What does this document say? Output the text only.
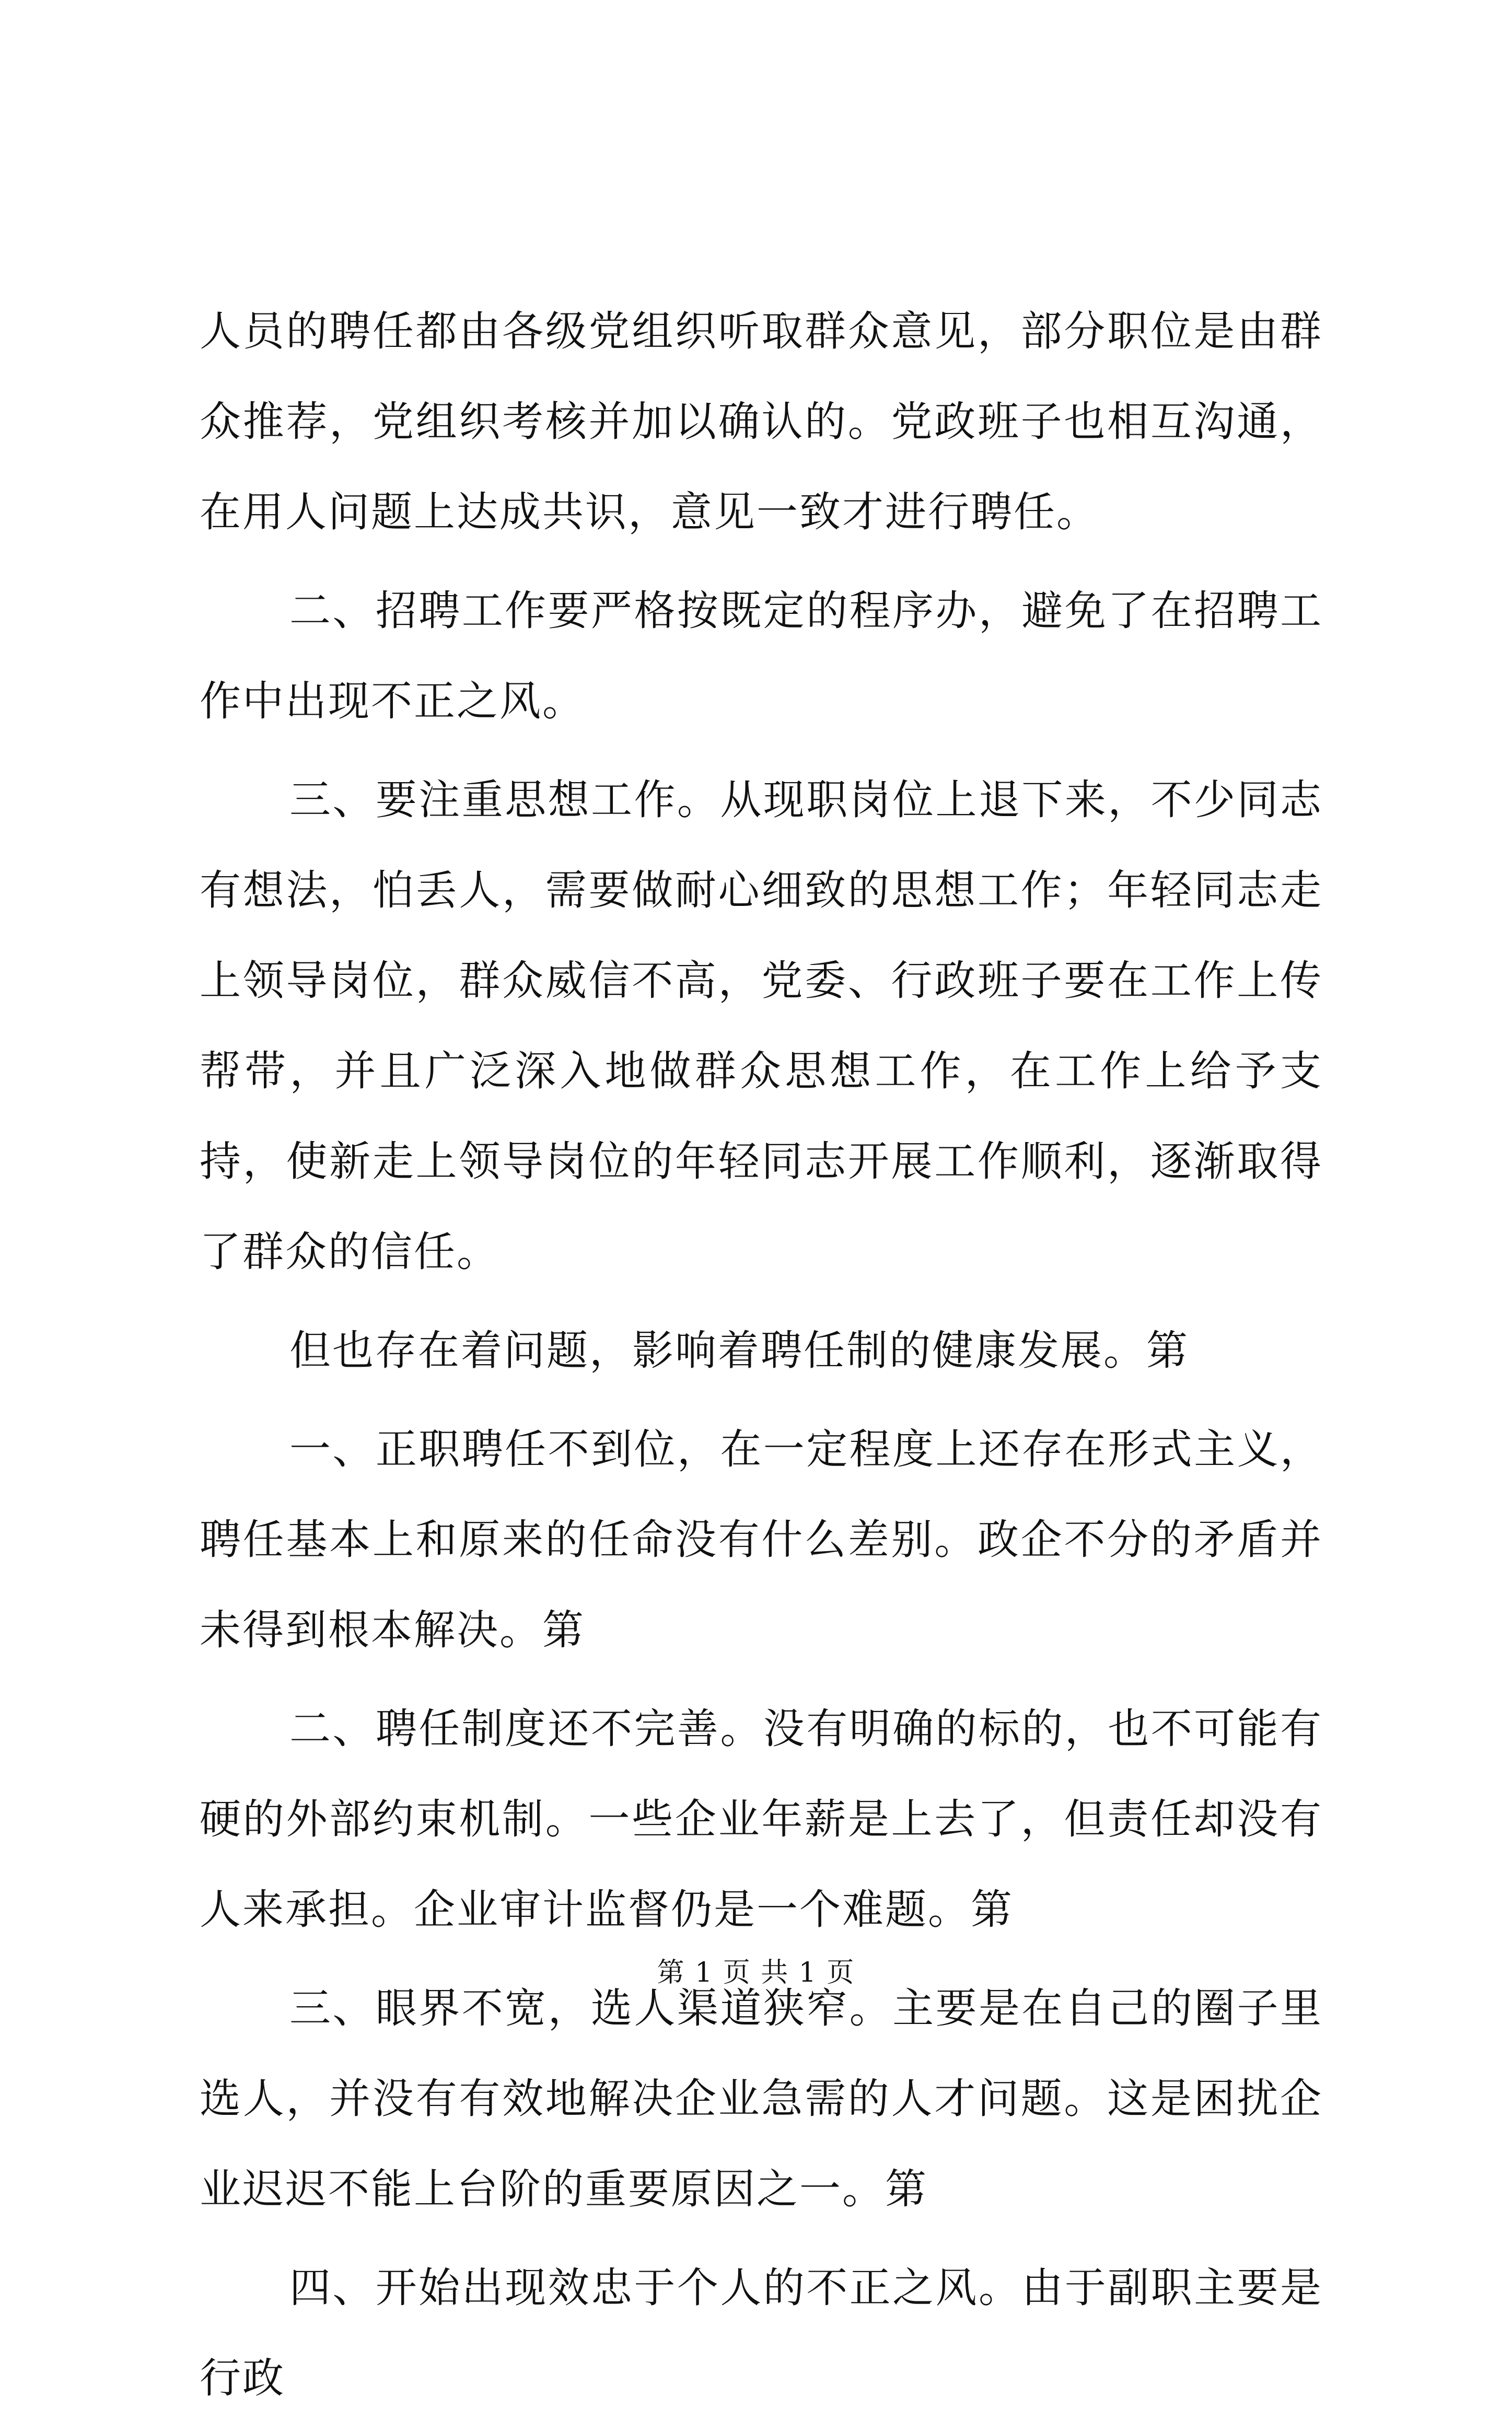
人员的聘任都由各级党组织听取群众意见，部分职位是由群众推荐，党组织考核并加以确认的。党政班子也相互沟通，在用人问题上达成共识，意见一致才进行聘任。

二、招聘工作要严格按既定的程序办，避免了在招聘工作中出现不正之风。

三、要注重思想工作。从现职岗位上退下来，不少同志有想法，怕丢人，需要做耐心细致的思想工作；年轻同志走上领导岗位，群众威信不高，党委、行政班子要在工作上传帮带，并且广泛深入地做群众思想工作，在工作上给予支持，使新走上领导岗位的年轻同志开展工作顺利，逐渐取得了群众的信任。

但也存在着问题，影响着聘任制的健康发展。第

一、正职聘任不到位，在一定程度上还存在形式主义，聘任基本上和原来的任命没有什么差别。政企不分的矛盾并未得到根本解决。第

二、聘任制度还不完善。没有明确的标的，也不可能有硬的外部约束机制。一些企业年薪是上去了，但责任却没有人来承担。企业审计监督仍是一个难题。第

三、眼界不宽，选人渠道狭窄。主要是在自己的圈子里选人，并没有有效地解决企业急需的人才问题。这是困扰企业迟迟不能上台阶的重要原因之一。第

四、开始出现效忠于个人的不正之风。由于副职主要是行政

第 1 页 共 1 页
